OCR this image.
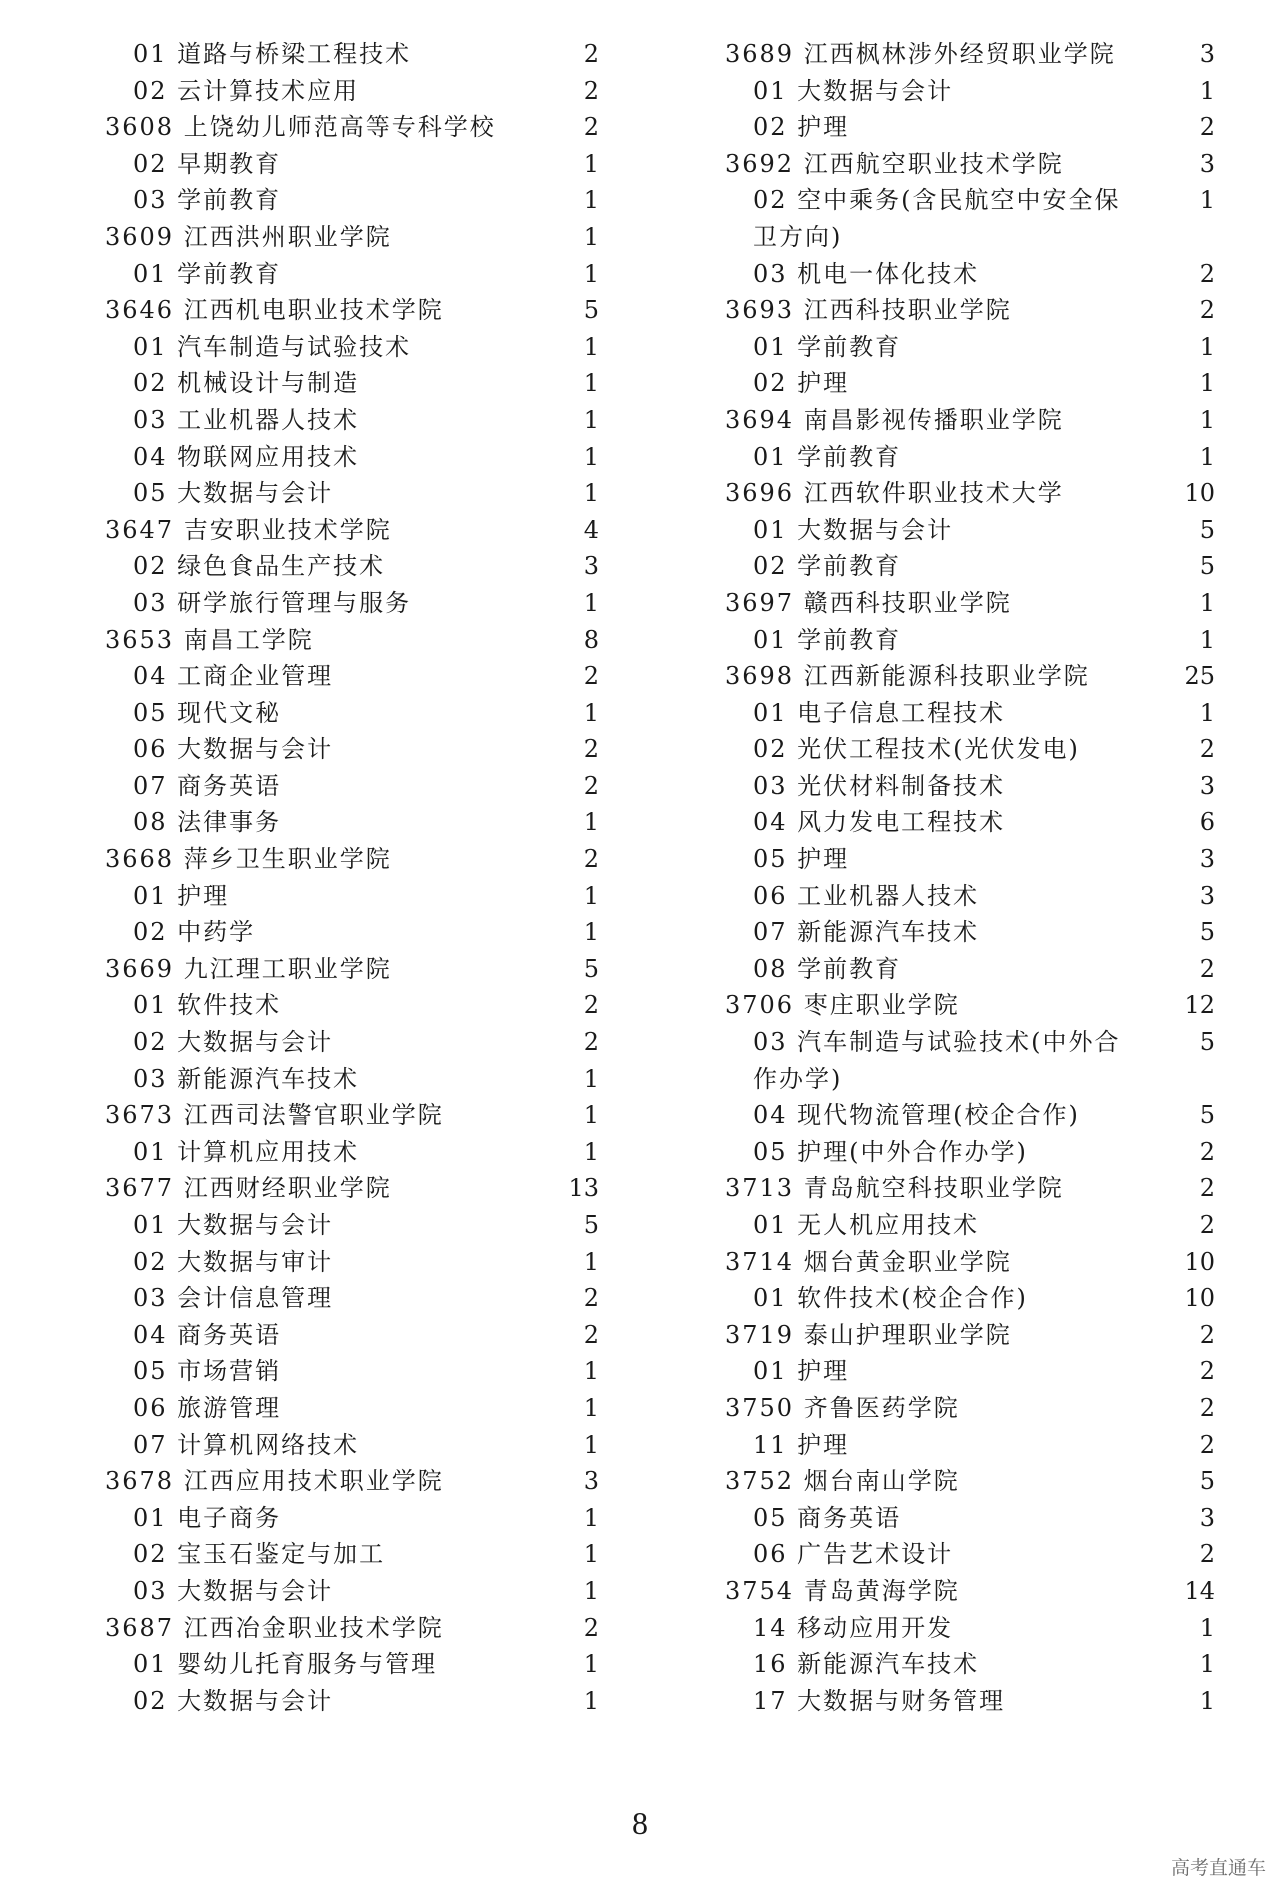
01 道路与桥梁工程技术	2
02 云计算技术应用	2
3608 上饶幼儿师范高等专科学校	2
02 早期教育	1
03 学前教育	1
3609 江西洪州职业学院	1
01 学前教育	1
3646 江西机电职业技术学院	5
01 汽车制造与试验技术	1
02 机械设计与制造	1
03 工业机器人技术	1
04 物联网应用技术	1
05 大数据与会计	1
3647 吉安职业技术学院	4
02 绿色食品生产技术	3
03 研学旅行管理与服务	1
3653 南昌工学院	8
04 工商企业管理	2
05 现代文秘	1
06 大数据与会计	2
07 商务英语	2
08 法律事务	1
3668 萍乡卫生职业学院	2
01 护理	1
02 中药学	1
3669 九江理工职业学院	5
01 软件技术	2
02 大数据与会计	2
03 新能源汽车技术	1
3673 江西司法警官职业学院	1
01 计算机应用技术	1
3677 江西财经职业学院	13
01 大数据与会计	5
02 大数据与审计	1
03 会计信息管理	2
04 商务英语	2
05 市场营销	1
06 旅游管理	1
07 计算机网络技术	1
3678 江西应用技术职业学院	3
01 电子商务	1
02 宝玉石鉴定与加工	1
03 大数据与会计	1
3687 江西冶金职业技术学院	2
01 婴幼儿托育服务与管理	1
02 大数据与会计	1
3689 江西枫林涉外经贸职业学院	3
01 大数据与会计	1
02 护理	2
3692 江西航空职业技术学院	3
02 空中乘务(含民航空中安全保卫方向)
1
03 机电一体化技术	2
3693 江西科技职业学院	2
01 学前教育	1
02 护理	1
3694 南昌影视传播职业学院	1
01 学前教育	1
3696 江西软件职业技术大学	10
01 大数据与会计	5
02 学前教育	5
3697 赣西科技职业学院	1
01 学前教育	1
3698 江西新能源科技职业学院	25
01 电子信息工程技术	1
02 光伏工程技术(光伏发电)	2
03 光伏材料制备技术	3
04 风力发电工程技术	6
05 护理	3
06 工业机器人技术	3
07 新能源汽车技术	5
08 学前教育	2
3706 枣庄职业学院	12
03 汽车制造与试验技术(中外合作办学)
5
04 现代物流管理(校企合作)	5
05 护理(中外合作办学)	2
3713 青岛航空科技职业学院	2
01 无人机应用技术	2
3714 烟台黄金职业学院	10
01 软件技术(校企合作)	10
3719 泰山护理职业学院	2
01 护理	2
3750 齐鲁医药学院	2
11 护理	2
3752 烟台南山学院	5
05 商务英语	3
06 广告艺术设计	2
3754 青岛黄海学院	14
14 移动应用开发	1
16 新能源汽车技术	1
17 大数据与财务管理	1
8
高考直通车
